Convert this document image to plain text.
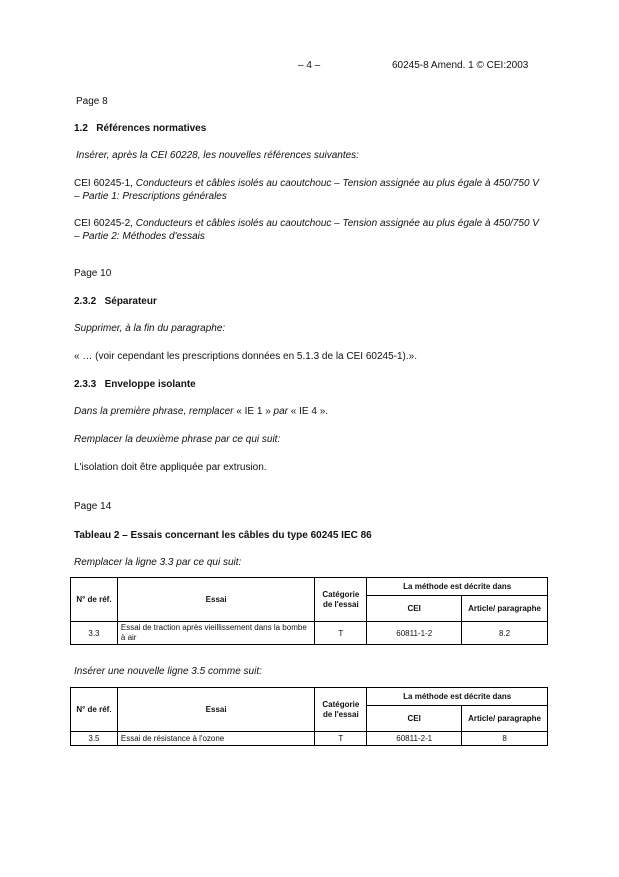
– 4 –	60245-8 Amend. 1 © CEI:2003
Page 8
1.2 Références normatives
Insérer, après la CEI 60228, les nouvelles références suivantes:
CEI 60245-1, Conducteurs et câbles isolés au caoutchouc – Tension assignée au plus égale à 450/750 V – Partie 1: Prescriptions générales
CEI 60245-2, Conducteurs et câbles isolés au caoutchouc – Tension assignée au plus égale à 450/750 V – Partie 2: Méthodes d'essais
Page 10
2.3.2 Séparateur
Supprimer, à la fin du paragraphe:
« … (voir cependant les prescriptions données en 5.1.3 de la CEI 60245-1).».
2.3.3 Enveloppe isolante
Dans la première phrase, remplacer « IE 1 » par « IE 4 ».
Remplacer la deuxième phrase par ce qui suit:
L'isolation doit être appliquée par extrusion.
Page 14
Tableau 2 – Essais concernant les câbles du type 60245 IEC 86
Remplacer la ligne 3.3 par ce qui suit:
N° de réf.	Essai	Catégorie de l'essai	La méthode est décrite dans	
			CEI	Article/ paragraphe
3.3	Essai de traction après vieillissement dans la bombe à air	T	60811-1-2	8.2
Insérer une nouvelle ligne 3.5 comme suit:
N° de réf.	Essai	Catégorie de l'essai	La méthode est décrite dans	
			CEI	Article/ paragraphe
3.5	Essai de résistance à l'ozone	T	60811-2-1	8
